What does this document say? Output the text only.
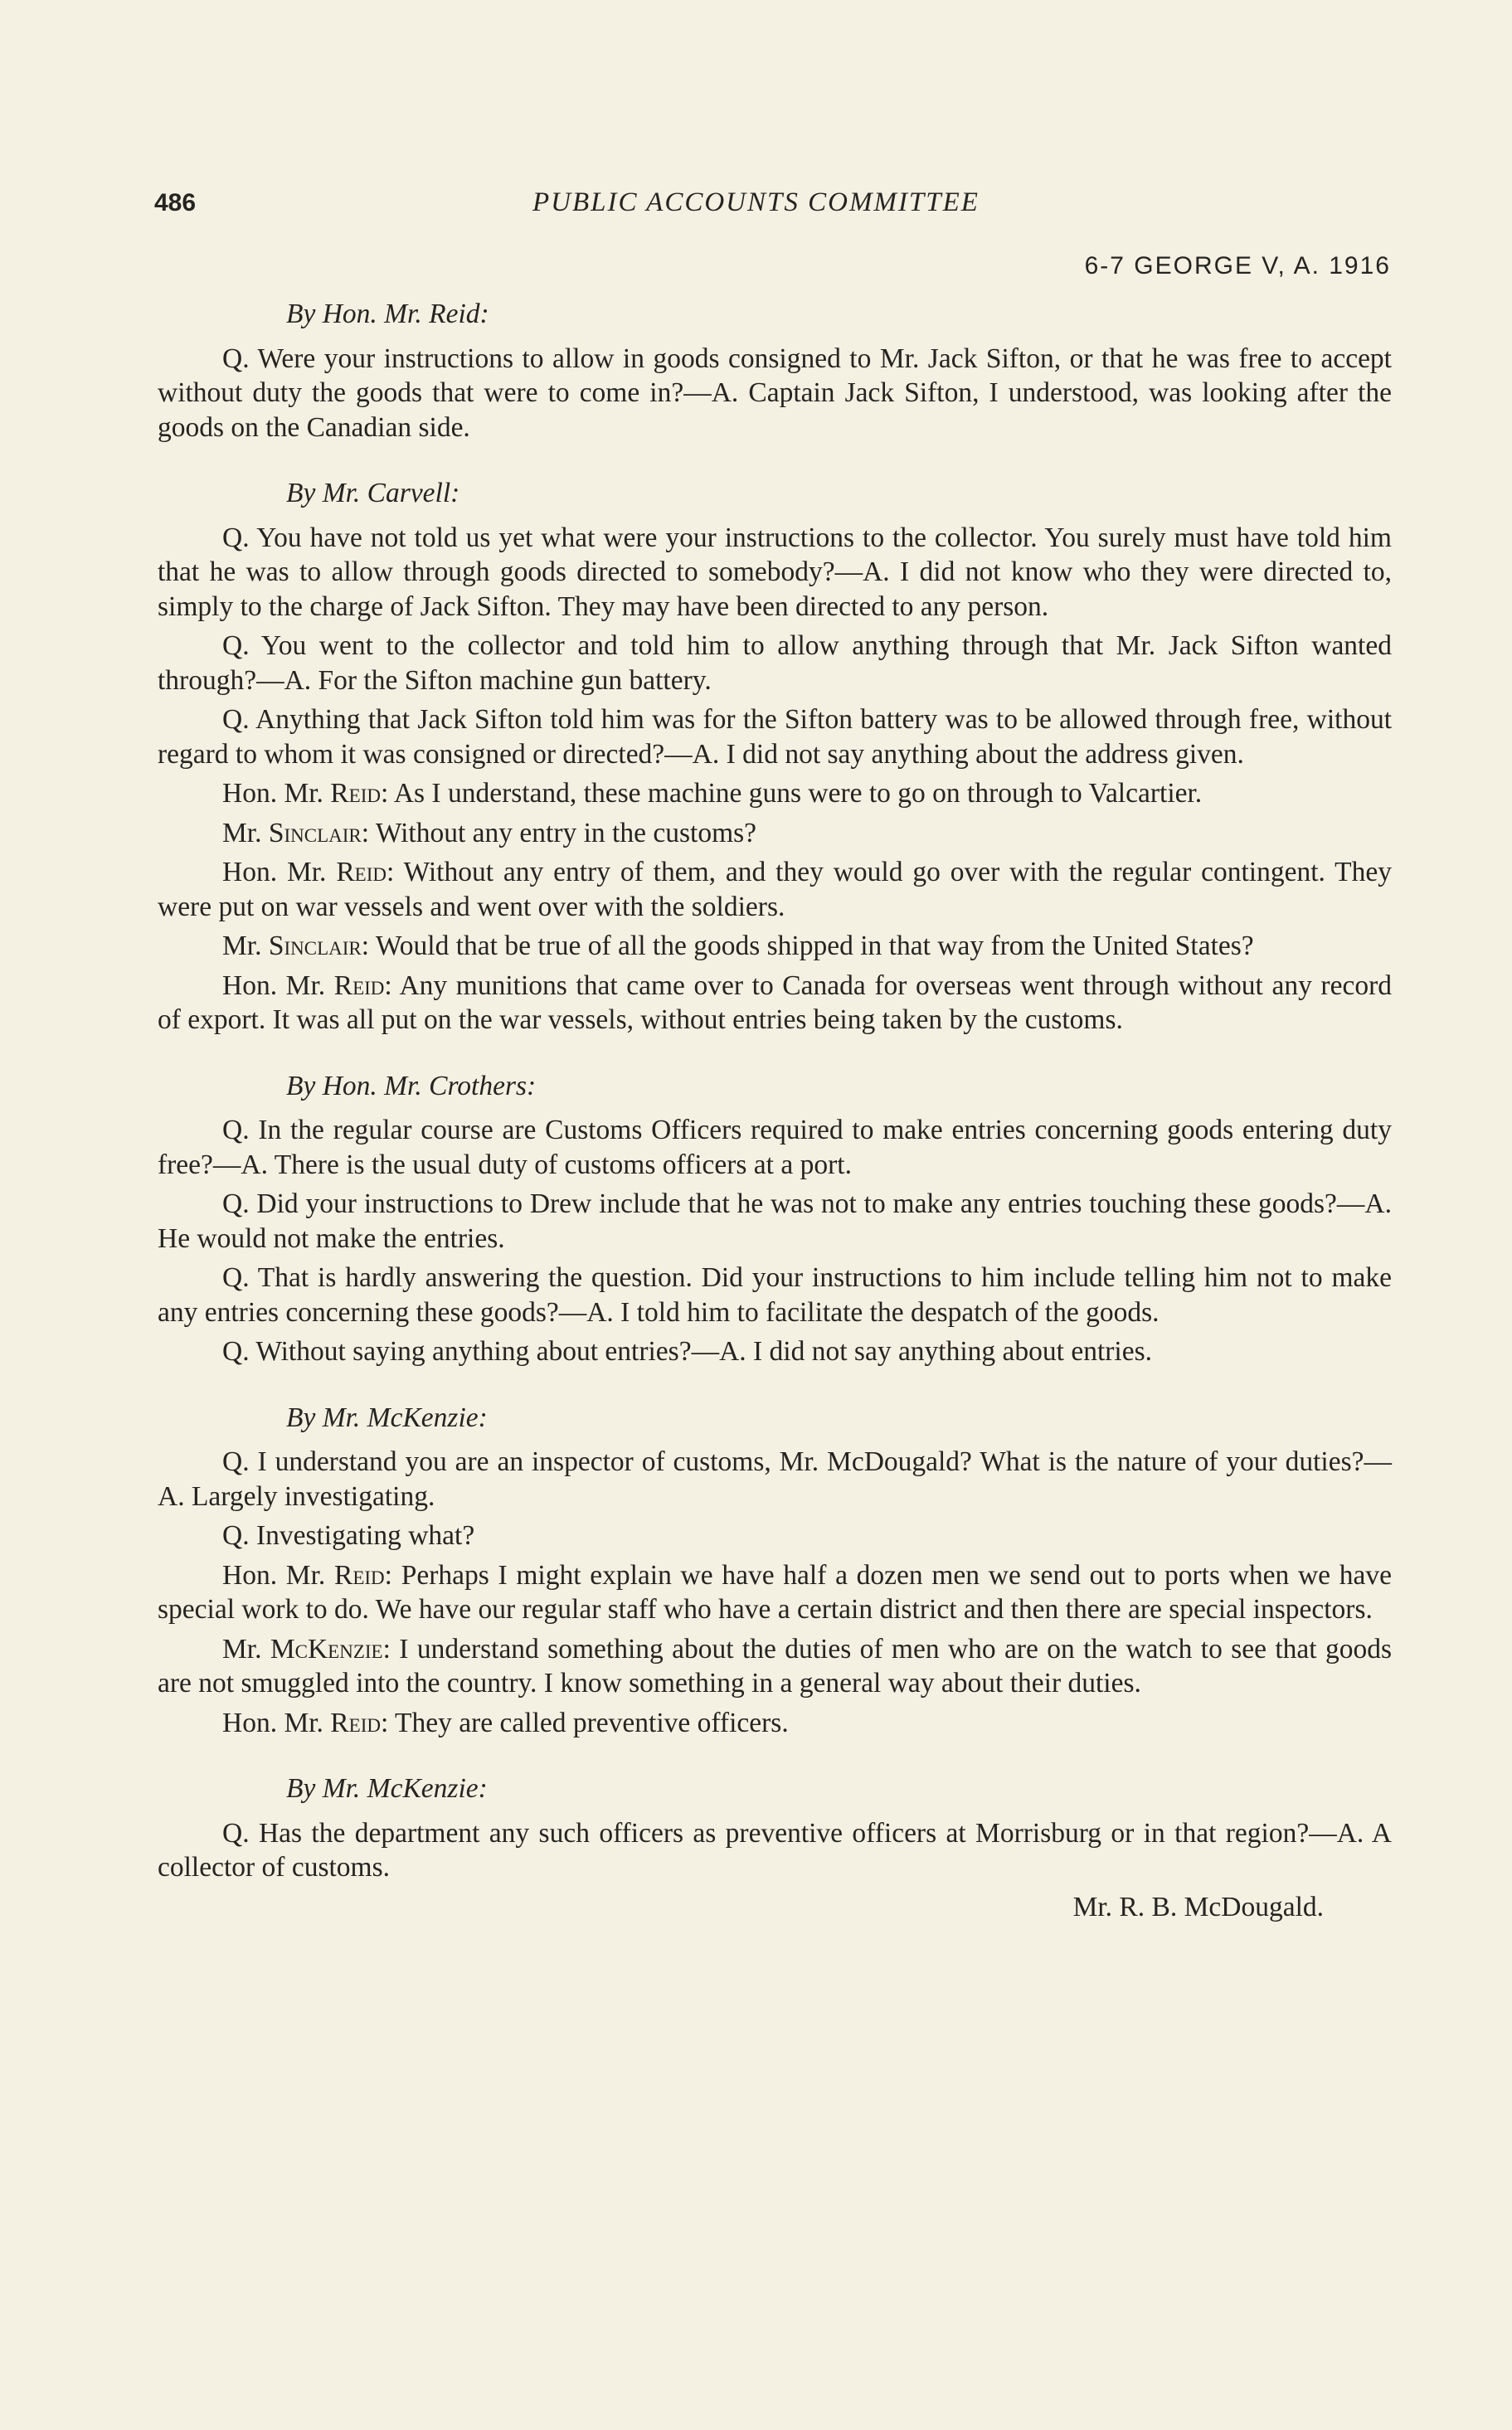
486	PUBLIC ACCOUNTS COMMITTEE
6-7 GEORGE V, A. 1916

By Hon. Mr. Reid:

Q. Were your instructions to allow in goods consigned to Mr. Jack Sifton, or that he was free to accept without duty the goods that were to come in?—A. Captain Jack Sifton, I understood, was looking after the goods on the Canadian side.

By Mr. Carvell:

Q. You have not told us yet what were your instructions to the collector. You surely must have told him that he was to allow through goods directed to somebody?—A. I did not know who they were directed to, simply to the charge of Jack Sifton. They may have been directed to any person.

Q. You went to the collector and told him to allow anything through that Mr. Jack Sifton wanted through?—A. For the Sifton machine gun battery.

Q. Anything that Jack Sifton told him was for the Sifton battery was to be allowed through free, without regard to whom it was consigned or directed?—A. I did not say anything about the address given.

Hon. Mr. Reid: As I understand, these machine guns were to go on through to Valcartier.

Mr. Sinclair: Without any entry in the customs?

Hon. Mr. Reid: Without any entry of them, and they would go over with the regular contingent. They were put on war vessels and went over with the soldiers.

Mr. Sinclair: Would that be true of all the goods shipped in that way from the United States?

Hon. Mr. Reid: Any munitions that came over to Canada for overseas went through without any record of export. It was all put on the war vessels, without entries being taken by the customs.

By Hon. Mr. Crothers:

Q. In the regular course are Customs Officers required to make entries concerning goods entering duty free?—A. There is the usual duty of customs officers at a port.

Q. Did your instructions to Drew include that he was not to make any entries touching these goods?—A. He would not make the entries.

Q. That is hardly answering the question. Did your instructions to him include telling him not to make any entries concerning these goods?—A. I told him to facilitate the despatch of the goods.

Q. Without saying anything about entries?—A. I did not say anything about entries.

By Mr. McKenzie:

Q. I understand you are an inspector of customs, Mr. McDougald? What is the nature of your duties?—A. Largely investigating.

Q. Investigating what?

Hon. Mr. Reid: Perhaps I might explain we have half a dozen men we send out to ports when we have special work to do. We have our regular staff who have a certain district and then there are special inspectors.

Mr. McKenzie: I understand something about the duties of men who are on the watch to see that goods are not smuggled into the country. I know something in a general way about their duties.

Hon. Mr. Reid: They are called preventive officers.

By Mr. McKenzie:

Q. Has the department any such officers as preventive officers at Morrisburg or in that region?—A. A collector of customs.

Mr. R. B. McDougald.
